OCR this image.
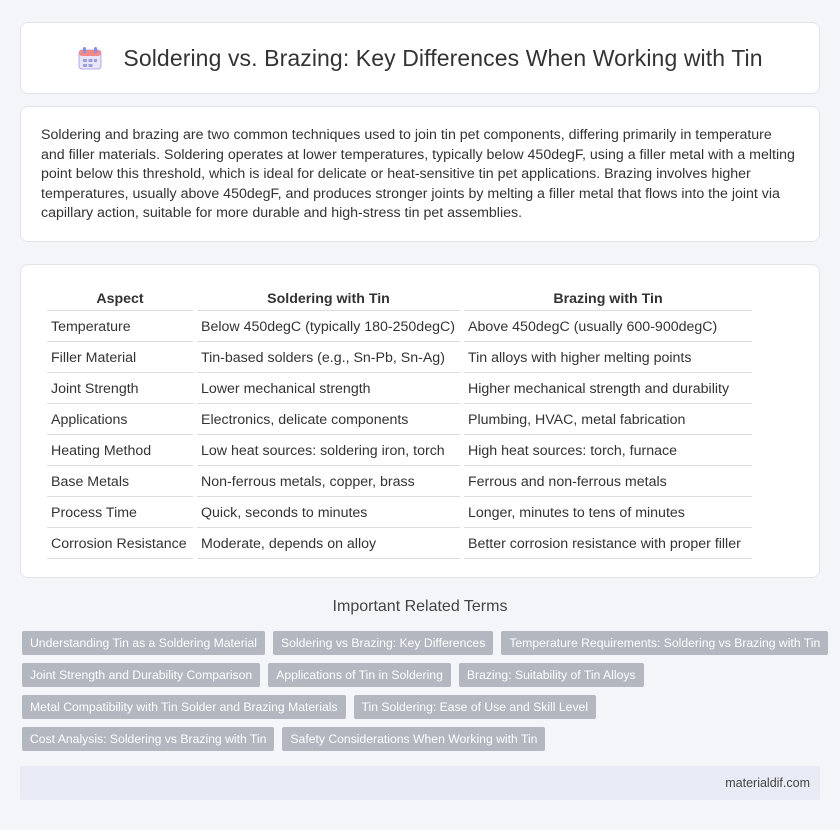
Soldering vs. Brazing: Key Differences When Working with Tin

Soldering and brazing are two common techniques used to join tin pet components, differing primarily in temperature and filler materials. Soldering operates at lower temperatures, typically below 450degF, using a filler metal with a melting point below this threshold, which is ideal for delicate or heat-sensitive tin pet applications. Brazing involves higher temperatures, usually above 450degF, and produces stronger joints by melting a filler metal that flows into the joint via capillary action, suitable for more durable and high-stress tin pet assemblies.

Aspect	Soldering with Tin	Brazing with Tin
Temperature	Below 450degC (typically 180-250degC)	Above 450degC (usually 600-900degC)
Filler Material	Tin-based solders (e.g., Sn-Pb, Sn-Ag)	Tin alloys with higher melting points
Joint Strength	Lower mechanical strength	Higher mechanical strength and durability
Applications	Electronics, delicate components	Plumbing, HVAC, metal fabrication
Heating Method	Low heat sources: soldering iron, torch	High heat sources: torch, furnace
Base Metals	Non-ferrous metals, copper, brass	Ferrous and non-ferrous metals
Process Time	Quick, seconds to minutes	Longer, minutes to tens of minutes
Corrosion Resistance	Moderate, depends on alloy	Better corrosion resistance with proper filler
Important Related Terms
Understanding Tin as a Soldering Material	Soldering vs Brazing: Key Differences	Temperature Requirements: Soldering vs Brazing with Tin
Joint Strength and Durability Comparison	Applications of Tin in Soldering	Brazing: Suitability of Tin Alloys
Metal Compatibility with Tin Solder and Brazing Materials	Tin Soldering: Ease of Use and Skill Level
Cost Analysis: Soldering vs Brazing with Tin	Safety Considerations When Working with Tin
materialdif.com
